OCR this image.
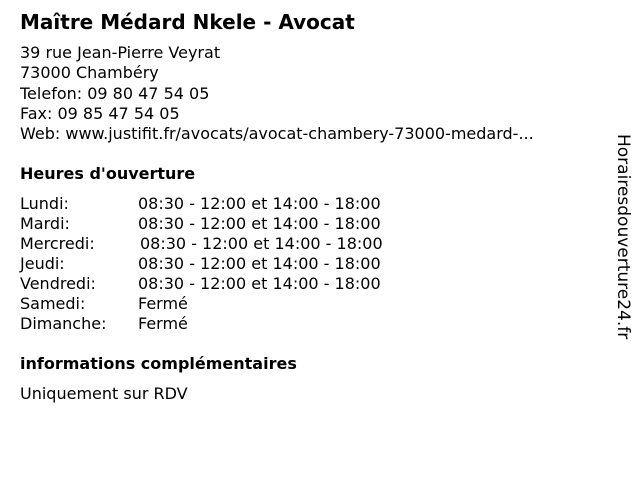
Maître Médard Nkele - Avocat
39 rue Jean-Pierre Veyrat
73000 Chambéry
Telefon: 09 80 47 54 05
Fax: 09 85 47 54 05
Web: www.justifit.fr/avocats/avocat-chambery-73000-medard-...
Heures d'ouverture
Lundi:	08:30 - 12:00 et 14:00 - 18:00
Mardi:	08:30 - 12:00 et 14:00 - 18:00
Mercredi:	08:30 - 12:00 et 14:00 - 18:00
Jeudi:	08:30 - 12:00 et 14:00 - 18:00
Vendredi:	08:30 - 12:00 et 14:00 - 18:00
Samedi:	Fermé
Dimanche: Fermé
informations complémentaires
Uniquement sur RDV
Horairesdouverture24.fr
